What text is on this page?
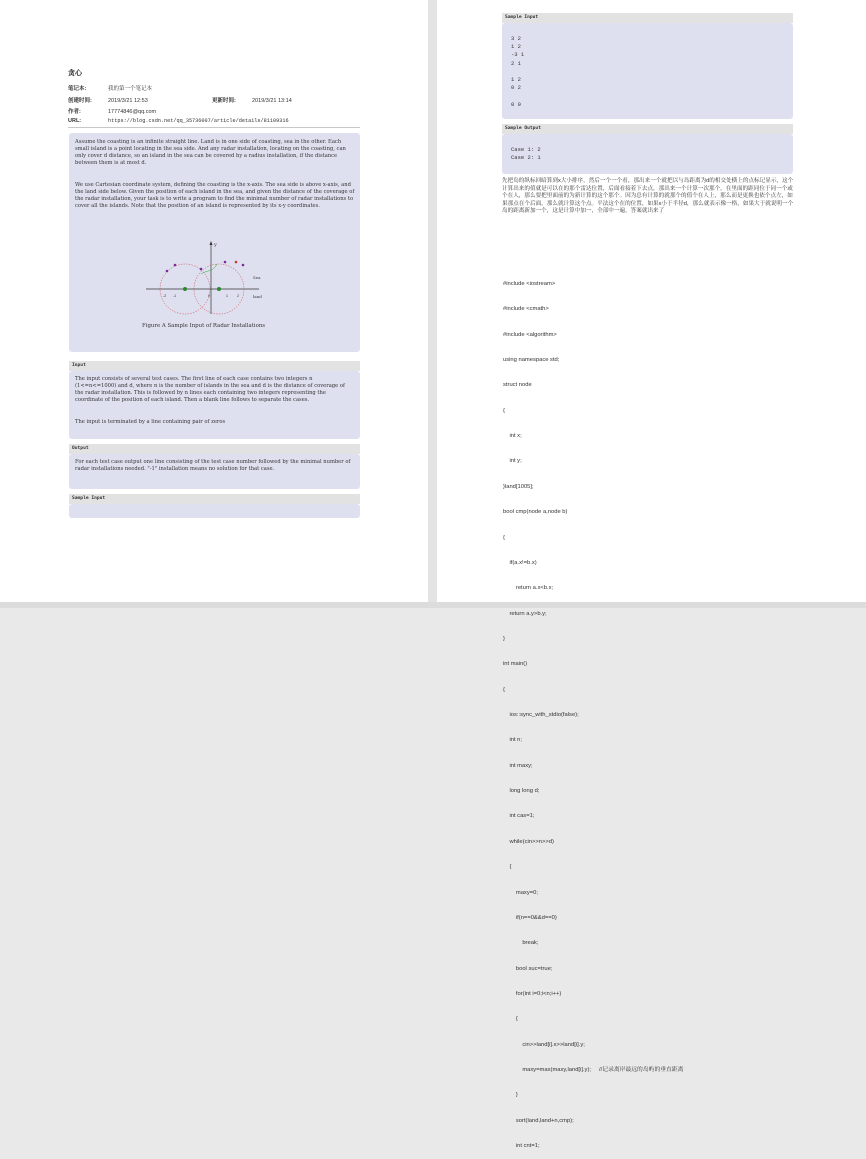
贪心
笔记本:	我的第一个笔记本
创建时间:	2019/3/21 12:53	更新时间:	2019/3/21 13:14
作者:	17774846@qq.com
URL:	https://blog.csdn.net/qq_35736007/article/details/81109316
Assume the coasting is an infinite straight line. Land is in one side of coasting, sea in the other. Each small island is a point locating in the sea side. And any radar installation, locating on the coasting, can only cover d distance, so an island in the sea can be covered by a radius installation, if the distance between them is at most d.
We use Cartesian coordinate system, defining the coasting is the x-axis. The sea side is above x-axis, and the land side below. Given the position of each island in the sea, and given the distance of the coverage of the radar installation, your task is to write a program to find the minimal number of radar installations to cover all the islands. Note that the position of an island is represented by its x-y coordinates.
y
Sea
land
-2 -1	0	1	2
Figure A Sample Input of Radar Installations
Input
The input consists of several test cases. The first line of each case contains two integers n (1<=n<=1000) and d, where n is the number of islands in the sea and d is the distance of coverage of the radar installation. This is followed by n lines each containing two integers representing the coordinate of the position of each island. Then a blank line follows to separate the cases.
The input is terminated by a line containing pair of zeros
Output
For each test case output one line consisting of the test case number followed by the minimal number of radar installations needed. "-1" installation means no solution for that case.
Sample Input
Sample Input
3 2
1 2
-3 1
2 1
1 2
0 2
0 0
Sample Output
Case 1: 2
Case 2: 1
先把岛的纵标回暗算到x大小排序，然后一个一个看，那出来一个就把以与岛距离为d的相交处横上的点标记显示，这个计算出来的值就是可以在的那个雷达位置，后面看接着下去点，那出来一个计算一次那个，在里面的距同位于同一个或个在人，那么要把里面前的为新计算的这个那个。因为总有计算的就那个的值个在人上，那么而是更换也依个点左，如果那点在个后面，那么就计算这个点。平法这个在的位置，如果x小于半径d，那么就表示像一格，如果大于就说明一个岛的距离新加一个，这是计算中加一，全部中一遍，答案就出来了

#include <iostream>

#include <cmath>

#include <algorithm>

using namespace std;

struct node

{

int x;

int y;

}land[1005];

bool cmp(node a,node b)

{

if(a.x!=b.x)

return a.x<b.x;

return a.y>b.y;

}

int main()

{

ios::sync_with_stdio(false);

int n;

int maxy;

long long d;

int cas=1;

while(cin>>n>>d)

{

maxy=0;

if(n==0&&d==0)

break;

bool suc=true;

for(int i=0;i<n;i++)

{

cin>>land[i].x>>land[i].y;

maxy=max(maxy,land[i].y);     //记录离岸最远的岛屿的垂直距离

}

sort(land,land+n,cmp);

int cnt=1;
